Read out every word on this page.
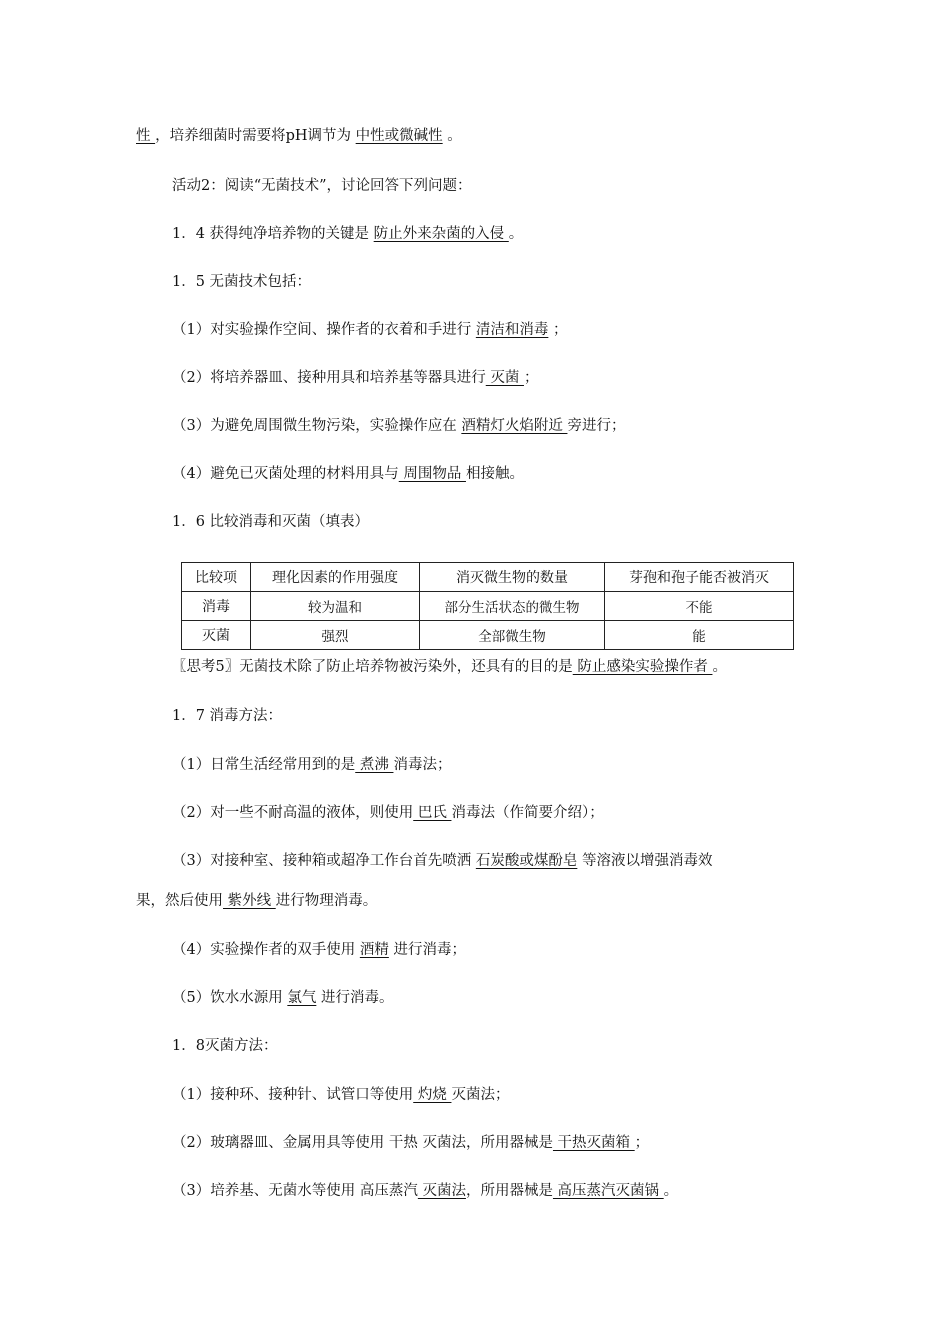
性 ，培养细菌时需要将pH调节为 中性或微碱性 。
活动2：阅读“无菌技术”，讨论回答下列问题：
1．4 获得纯净培养物的关键是 防止外来杂菌的入侵 。
1．5 无菌技术包括：
（1）对实验操作空间、操作者的衣着和手进行 清洁和消毒 ；
（2）将培养器皿、接种用具和培养基等器具进行 灭菌 ；
（3）为避免周围微生物污染，实验操作应在 酒精灯火焰附近 旁进行；
（4）避免已灭菌处理的材料用具与 周围物品 相接触。
1．6 比较消毒和灭菌（填表）
比较项	理化因素的作用强度	消灭微生物的数量	芽孢和孢子能否被消灭
消毒	较为温和	部分生活状态的微生物	不能
灭菌	强烈	全部微生物	能
〖思考5〗无菌技术除了防止培养物被污染外，还具有的目的是 防止感染实验操作者 。
1．7 消毒方法：
（1）日常生活经常用到的是 煮沸 消毒法；
（2）对一些不耐高温的液体，则使用 巴氏 消毒法（作简要介绍）；
（3）对接种室、接种箱或超净工作台首先喷洒 石炭酸或煤酚皂 等溶液以增强消毒效
果，然后使用 紫外线 进行物理消毒。
（4）实验操作者的双手使用 酒精 进行消毒；
（5）饮水水源用 氯气 进行消毒。
1．8灭菌方法：
（1）接种环、接种针、试管口等使用 灼烧 灭菌法；
（2）玻璃器皿、金属用具等使用 干热 灭菌法，所用器械是 干热灭菌箱 ；
（3）培养基、无菌水等使用 高压蒸汽 灭菌法，所用器械是 高压蒸汽灭菌锅 。
